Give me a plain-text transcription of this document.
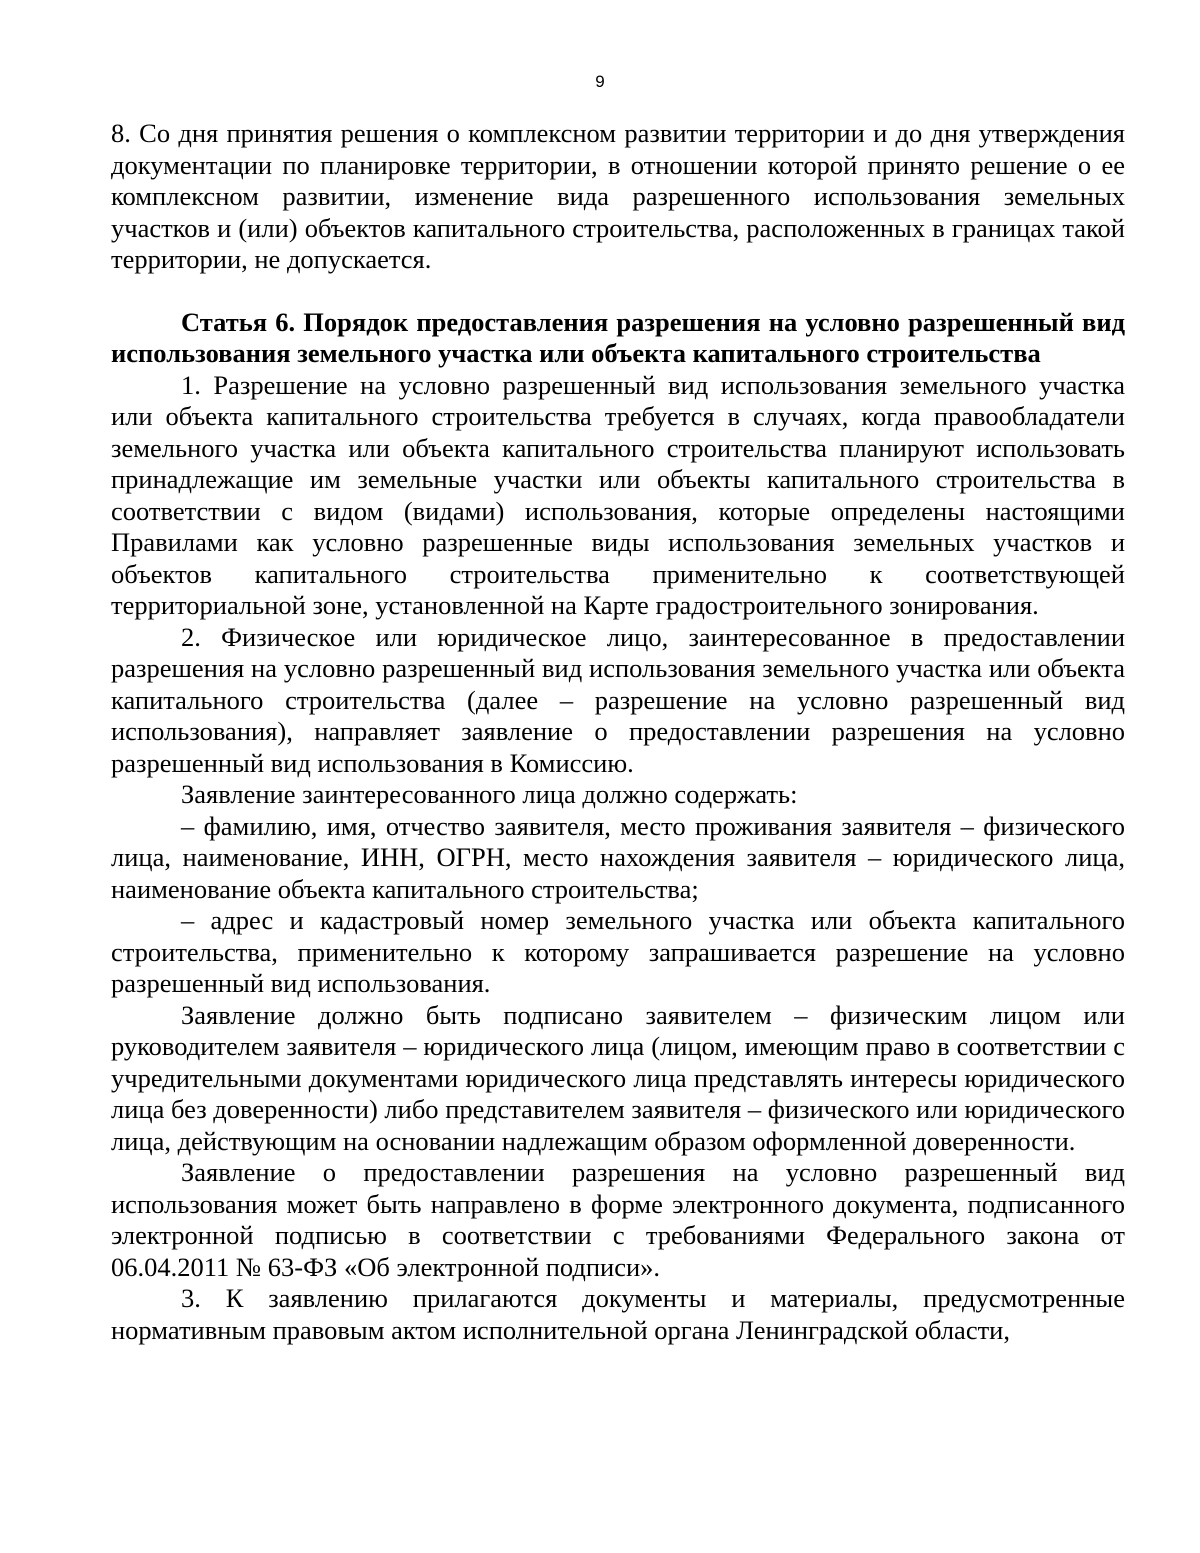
9

8. Со дня принятия решения о комплексном развитии территории и до дня утверждения документации по планировке территории, в отношении которой принято решение о ее комплексном развитии, изменение вида разрешенного использования земельных участков и (или) объектов капитального строительства, расположенных в границах такой территории, не допускается.

Статья 6. Порядок предоставления разрешения на условно разрешенный вид использования земельного участка или объекта капитального строительства

1. Разрешение на условно разрешенный вид использования земельного участка или объекта капитального строительства требуется в случаях, когда правообладатели земельного участка или объекта капитального строительства планируют использовать принадлежащие им земельные участки или объекты капитального строительства в соответствии с видом (видами) использования, которые определены настоящими Правилами как условно разрешенные виды использования земельных участков и объектов капитального строительства применительно к соответствующей территориальной зоне, установленной на Карте градостроительного зонирования.

2. Физическое или юридическое лицо, заинтересованное в предоставлении разрешения на условно разрешенный вид использования земельного участка или объекта капитального строительства (далее – разрешение на условно разрешенный вид использования), направляет заявление о предоставлении разрешения на условно разрешенный вид использования в Комиссию.

Заявление заинтересованного лица должно содержать:

– фамилию, имя, отчество заявителя, место проживания заявителя – физического лица, наименование, ИНН, ОГРН, место нахождения заявителя – юридического лица, наименование объекта капитального строительства;

– адрес и кадастровый номер земельного участка или объекта капитального строительства, применительно к которому запрашивается разрешение на условно разрешенный вид использования.

Заявление должно быть подписано заявителем – физическим лицом или руководителем заявителя – юридического лица (лицом, имеющим право в соответствии с учредительными документами юридического лица представлять интересы юридического лица без доверенности) либо представителем заявителя – физического или юридического лица, действующим на основании надлежащим образом оформленной доверенности.

Заявление о предоставлении разрешения на условно разрешенный вид использования может быть направлено в форме электронного документа, подписанного электронной подписью в соответствии с требованиями Федерального закона от 06.04.2011 № 63-ФЗ «Об электронной подписи».

3. К заявлению прилагаются документы и материалы, предусмотренные нормативным правовым актом исполнительной органа Ленинградской области,
